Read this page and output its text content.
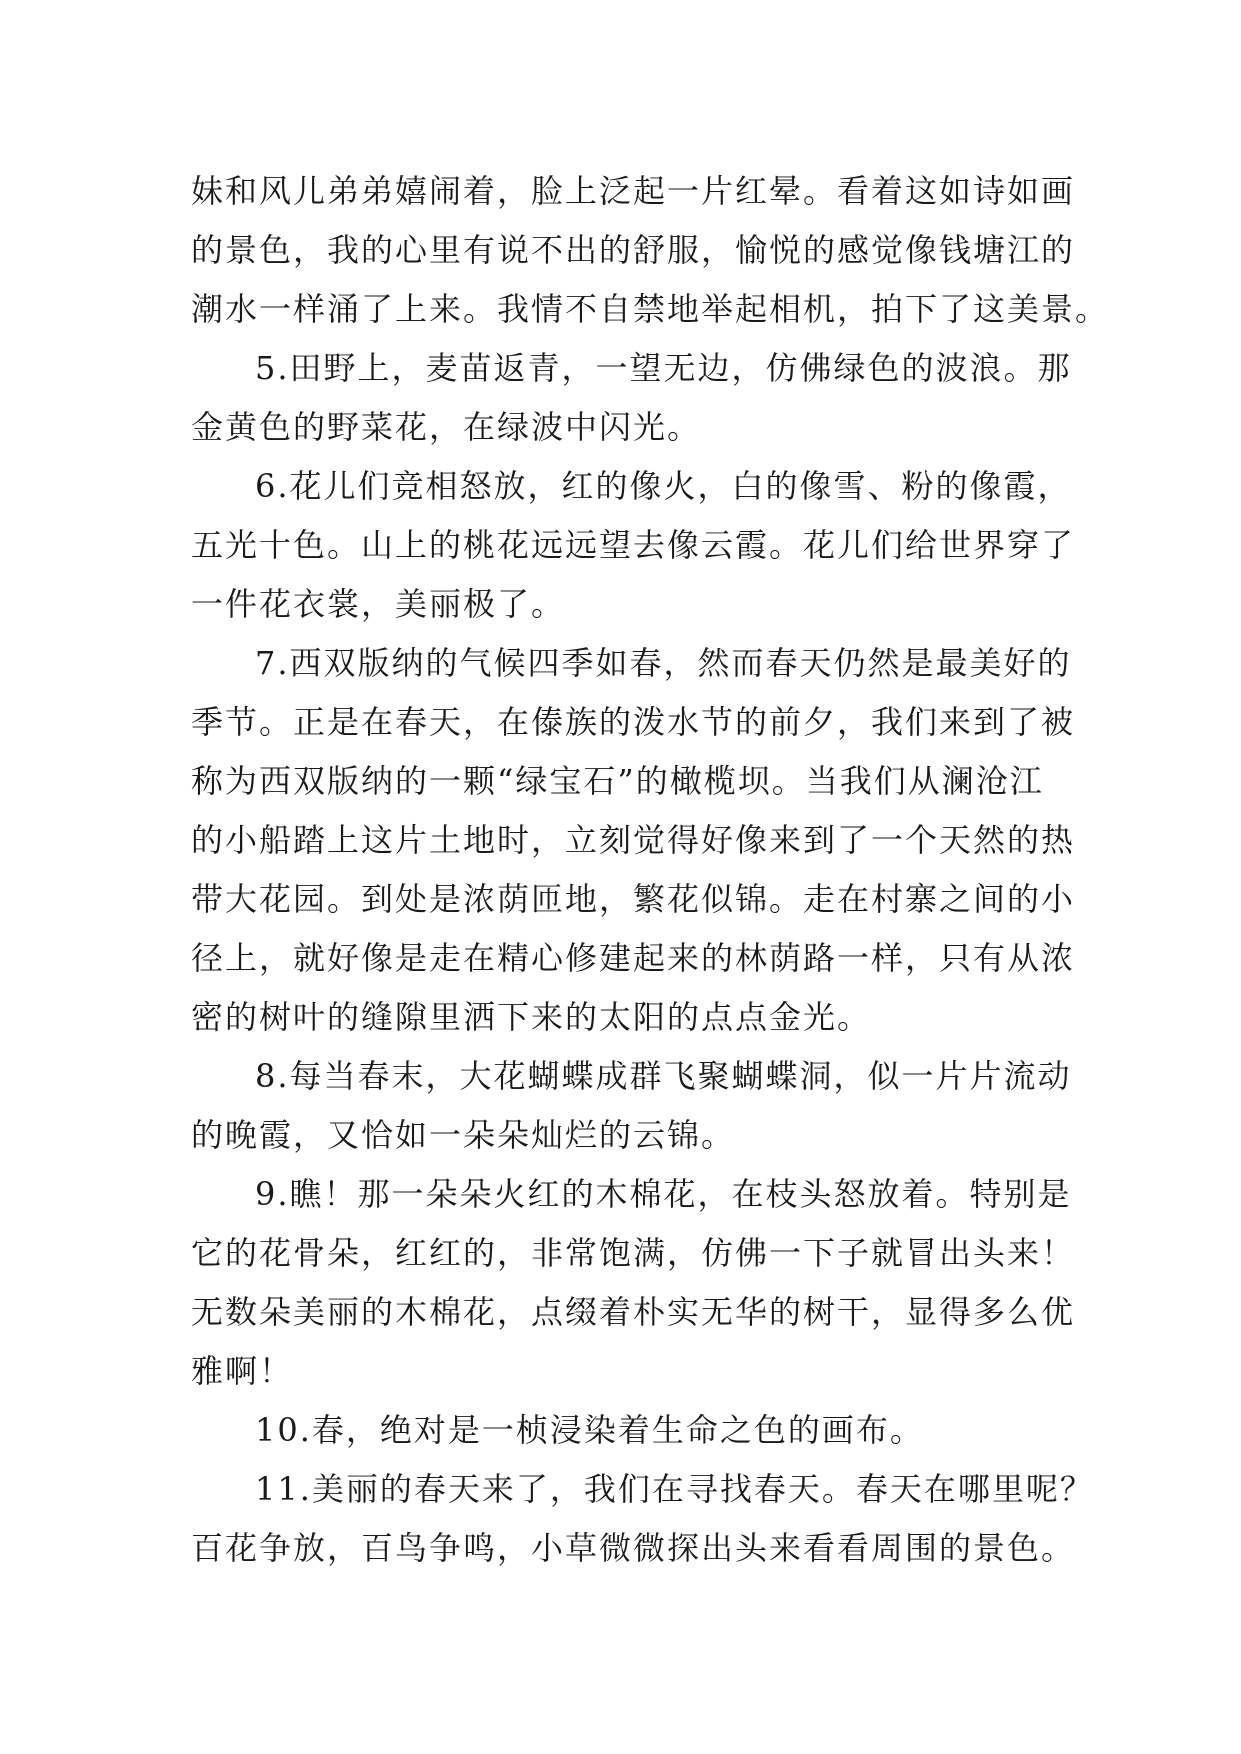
妹和风儿弟弟嬉闹着，脸上泛起一片红晕。看着这如诗如画
的景色，我的心里有说不出的舒服，愉悦的感觉像钱塘江的
潮水一样涌了上来。我情不自禁地举起相机，拍下了这美景。
5.田野上，麦苗返青，一望无边，仿佛绿色的波浪。那
金黄色的野菜花，在绿波中闪光。
6.花儿们竞相怒放，红的像火，白的像雪、粉的像霞，
五光十色。山上的桃花远远望去像云霞。花儿们给世界穿了
一件花衣裳，美丽极了。
7.西双版纳的气候四季如春，然而春天仍然是最美好的
季节。正是在春天，在傣族的泼水节的前夕，我们来到了被
称为西双版纳的一颗“绿宝石”的橄榄坝。当我们从澜沧江
的小船踏上这片土地时，立刻觉得好像来到了一个天然的热
带大花园。到处是浓荫匝地，繁花似锦。走在村寨之间的小
径上，就好像是走在精心修建起来的林荫路一样，只有从浓
密的树叶的缝隙里洒下来的太阳的点点金光。
8.每当春末，大花蝴蝶成群飞聚蝴蝶洞，似一片片流动
的晚霞，又恰如一朵朵灿烂的云锦。
9.瞧！那一朵朵火红的木棉花，在枝头怒放着。特别是
它的花骨朵，红红的，非常饱满，仿佛一下子就冒出头来！
无数朵美丽的木棉花，点缀着朴实无华的树干，显得多么优
雅啊！
10.春，绝对是一桢浸染着生命之色的画布。
11.美丽的春天来了，我们在寻找春天。春天在哪里呢？
百花争放，百鸟争鸣，小草微微探出头来看看周围的景色。
